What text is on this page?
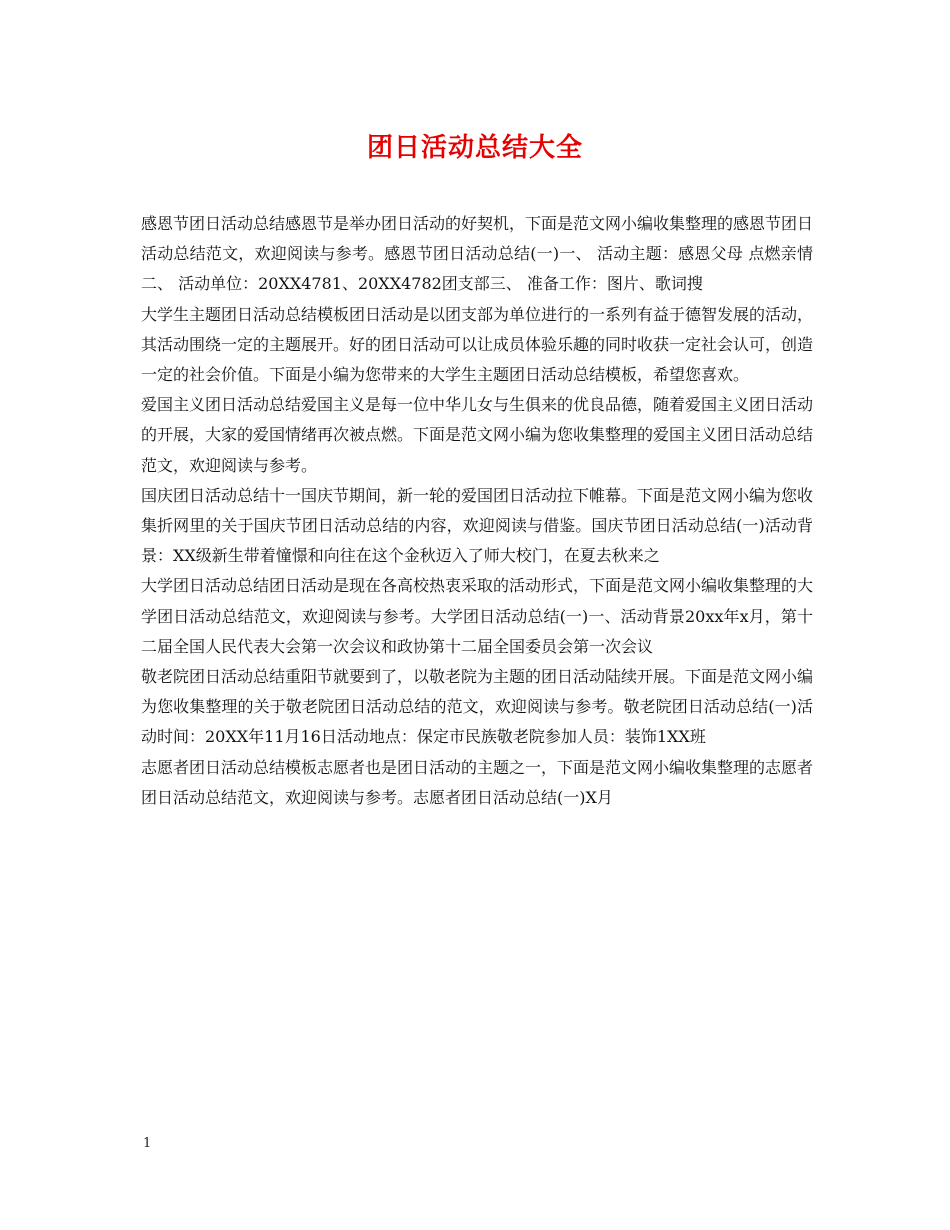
团日活动总结大全

感恩节团日活动总结感恩节是举办团日活动的好契机，下面是范文网小编收集整理的感恩节团日活动总结范文，欢迎阅读与参考。感恩节团日活动总结(一)一、 活动主题：感恩父母 点燃亲情二、 活动单位：20XX4781、20XX4782团支部三、 准备工作：图片、歌词搜

大学生主题团日活动总结模板团日活动是以团支部为单位进行的一系列有益于德智发展的活动，其活动围绕一定的主题展开。好的团日活动可以让成员体验乐趣的同时收获一定社会认可，创造一定的社会价值。下面是小编为您带来的大学生主题团日活动总结模板，希望您喜欢。

爱国主义团日活动总结爱国主义是每一位中华儿女与生俱来的优良品德，随着爱国主义团日活动的开展，大家的爱国情绪再次被点燃。下面是范文网小编为您收集整理的爱国主义团日活动总结范文，欢迎阅读与参考。

国庆团日活动总结十一国庆节期间，新一轮的爱国团日活动拉下帷幕。下面是范文网小编为您收集折网里的关于国庆节团日活动总结的内容，欢迎阅读与借鉴。国庆节团日活动总结(一)活动背景：XX级新生带着憧憬和向往在这个金秋迈入了师大校门，在夏去秋来之

大学团日活动总结团日活动是现在各高校热衷采取的活动形式，下面是范文网小编收集整理的大学团日活动总结范文，欢迎阅读与参考。大学团日活动总结(一)一、活动背景20xx年x月，第十二届全国人民代表大会第一次会议和政协第十二届全国委员会第一次会议

敬老院团日活动总结重阳节就要到了，以敬老院为主题的团日活动陆续开展。下面是范文网小编为您收集整理的关于敬老院团日活动总结的范文，欢迎阅读与参考。敬老院团日活动总结(一)活动时间：20XX年11月16日活动地点：保定市民族敬老院参加人员：装饰1XX班

志愿者团日活动总结模板志愿者也是团日活动的主题之一，下面是范文网小编收集整理的志愿者团日活动总结范文，欢迎阅读与参考。志愿者团日活动总结(一)X月

1
